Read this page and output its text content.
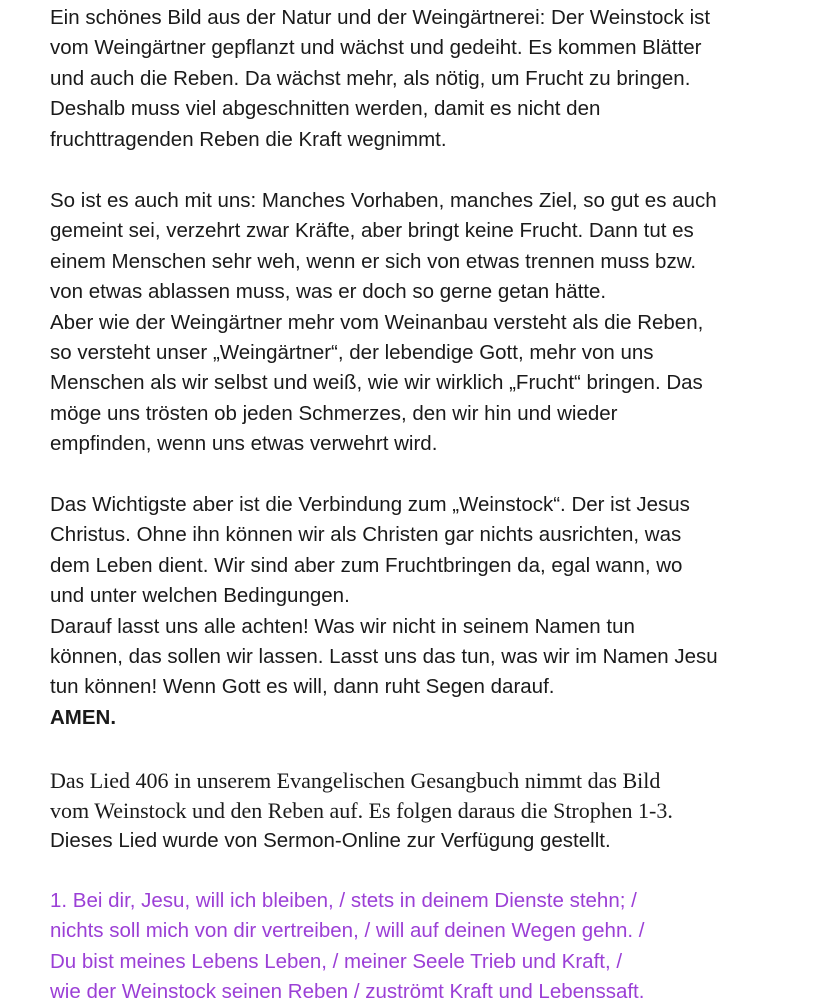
Ein schönes Bild aus der Natur und der Weingärtnerei: Der Weinstock ist
vom Weingärtner gepflanzt und wächst und gedeiht. Es kommen Blätter
und auch die Reben. Da wächst mehr, als nötig, um Frucht zu bringen.
Deshalb muss viel abgeschnitten werden, damit es nicht den
fruchttragenden Reben die Kraft wegnimmt.
So ist es auch mit uns: Manches Vorhaben, manches Ziel, so gut es auch
gemeint sei, verzehrt zwar Kräfte, aber bringt keine Frucht. Dann tut es
einem Menschen sehr weh, wenn er sich von etwas trennen muss bzw.
von etwas ablassen muss, was er doch so gerne getan hätte.
Aber wie der Weingärtner mehr vom Weinanbau versteht als die Reben,
so versteht unser „Weingärtner“, der lebendige Gott, mehr von uns
Menschen als wir selbst und weiß, wie wir wirklich „Frucht“ bringen. Das
möge uns trösten ob jeden Schmerzes, den wir hin und wieder
empfinden, wenn uns etwas verwehrt wird.
Das Wichtigste aber ist die Verbindung zum „Weinstock“. Der ist Jesus
Christus. Ohne ihn können wir als Christen gar nichts ausrichten, was
dem Leben dient. Wir sind aber zum Fruchtbringen da, egal wann, wo
und unter welchen Bedingungen.
Darauf lasst uns alle achten! Was wir nicht in seinem Namen tun
können, das sollen wir lassen. Lasst uns das tun, was wir im Namen Jesu
tun können! Wenn Gott es will, dann ruht Segen darauf.
AMEN.
Das Lied 406 in unserem Evangelischen Gesangbuch nimmt das Bild
vom Weinstock und den Reben auf. Es folgen daraus die Strophen 1-3.
Dieses Lied wurde von Sermon-Online zur Verfügung gestellt.
1. Bei dir, Jesu, will ich bleiben, / stets in deinem Dienste stehn; /
nichts soll mich von dir vertreiben, / will auf deinen Wegen gehn. /
Du bist meines Lebens Leben, / meiner Seele Trieb und Kraft, /
wie der Weinstock seinen Reben / zuströmt Kraft und Lebenssaft.
